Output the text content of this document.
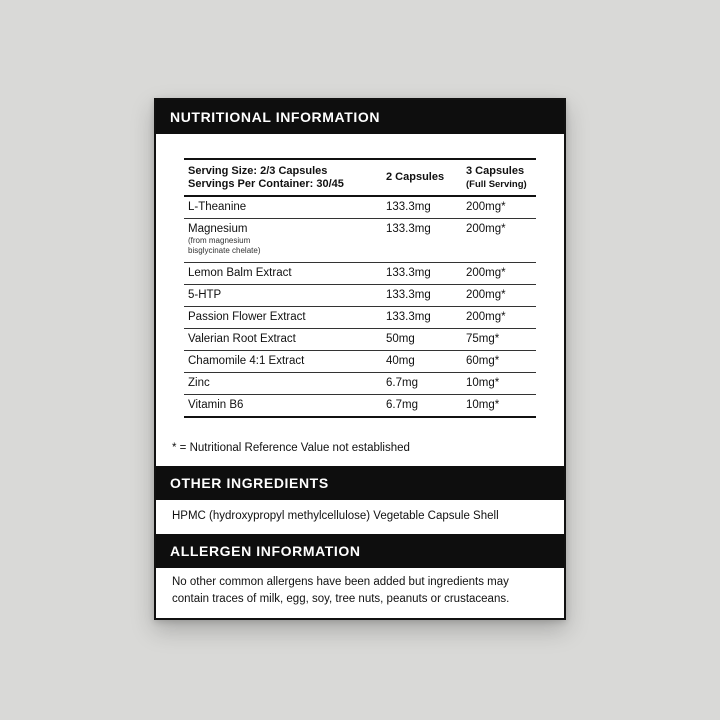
NUTRITIONAL INFORMATION
Serving Size: 2/3 Capsules
Servings Per Container: 30/45	2 Capsules	3 Capsules
(Full Serving)
L-Theanine	133.3mg	200mg*
Magnesium
(from magnesium
bisglycinate chelate)	133.3mg	200mg*
Lemon Balm Extract	133.3mg	200mg*
5-HTP	133.3mg	200mg*
Passion Flower Extract	133.3mg	200mg*
Valerian Root Extract	50mg	75mg*
Chamomile 4:1 Extract	40mg	60mg*
Zinc	6.7mg	10mg*
Vitamin B6	6.7mg	10mg*
* = Nutritional Reference Value not established
OTHER INGREDIENTS
HPMC (hydroxypropyl methylcellulose) Vegetable Capsule Shell
ALLERGEN INFORMATION
No other common allergens have been added but ingredients may contain traces of milk, egg, soy, tree nuts, peanuts or crustaceans.
